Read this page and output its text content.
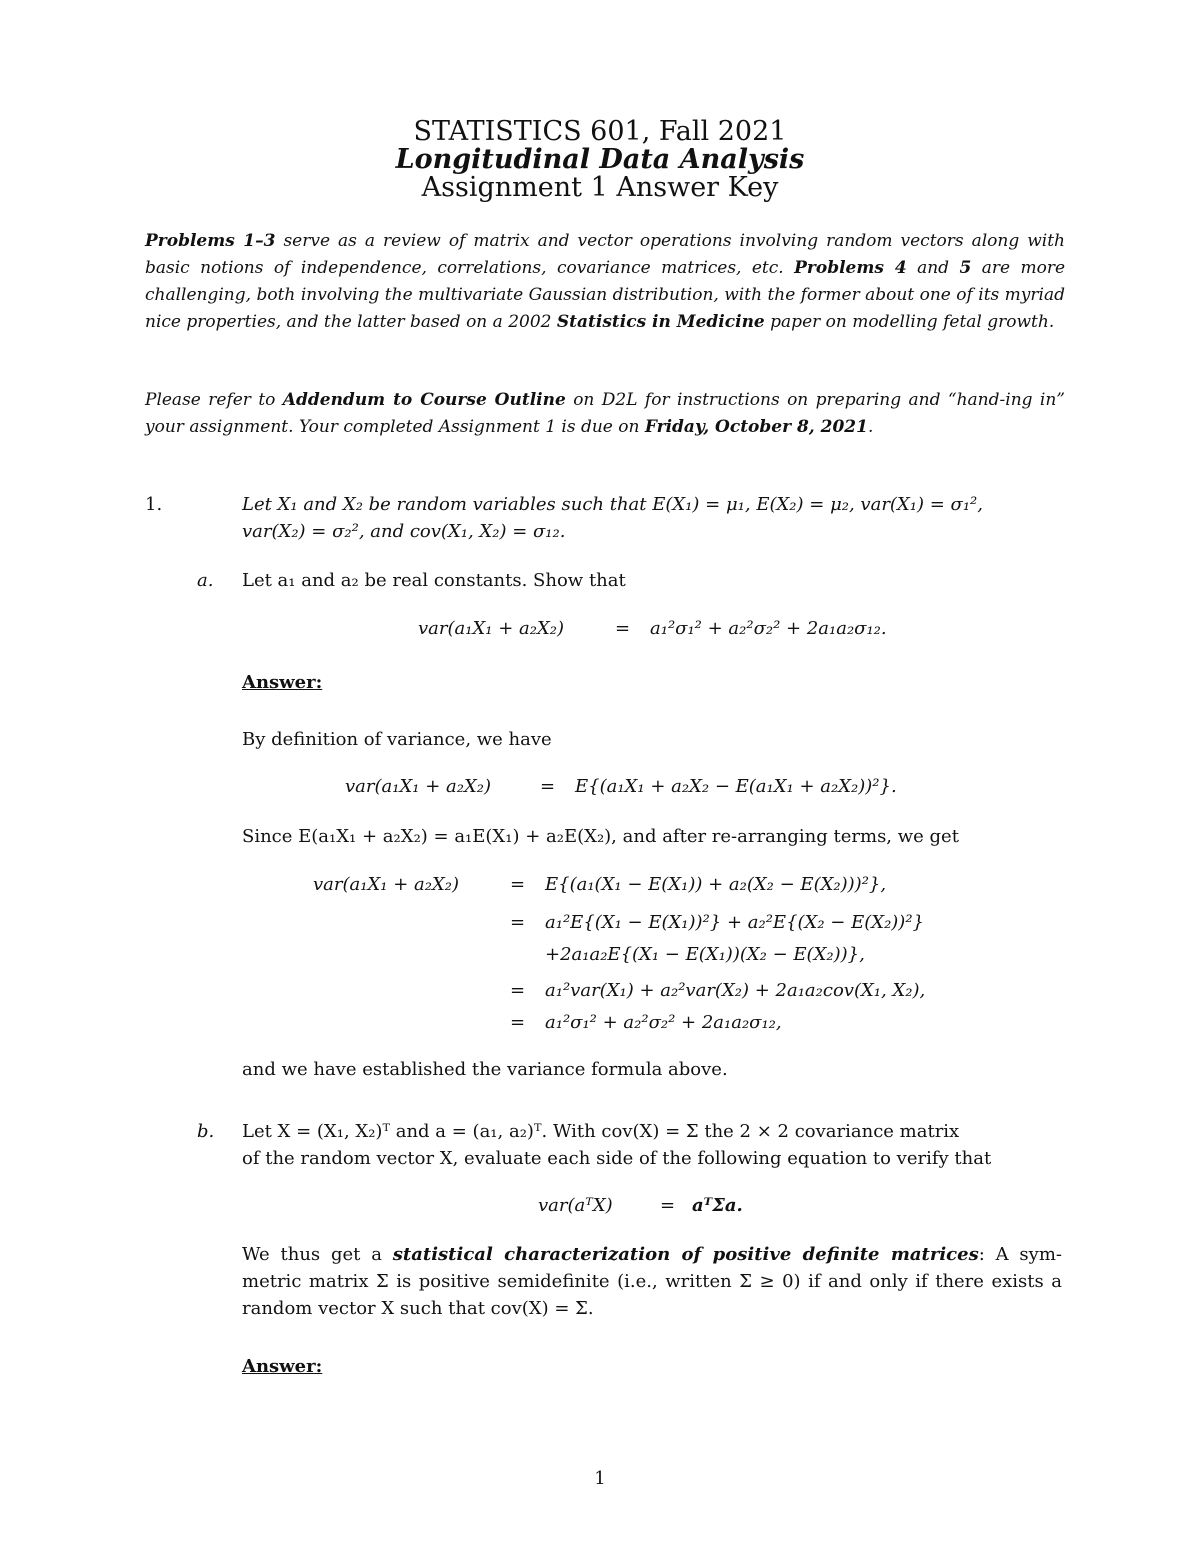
STATISTICS 601, Fall 2021
Longitudinal Data Analysis
Assignment 1 Answer Key
Problems 1–3 serve as a review of matrix and vector operations involving random vectors along with basic notions of independence, correlations, covariance matrices, etc. Problems 4 and 5 are more challenging, both involving the multivariate Gaussian distribution, with the former about one of its myriad nice properties, and the latter based on a 2002 Statistics in Medicine paper on modelling fetal growth.
Please refer to Addendum to Course Outline on D2L for instructions on preparing and “hand-ing in” your assignment. Your completed Assignment 1 is due on Friday, October 8, 2021.
1.	Let X₁ and X₂ be random variables such that E(X₁) = μ₁, E(X₂) = μ₂, var(X₁) = σ₁²,
var(X₂) = σ₂², and cov(X₁, X₂) = σ₁₂.
a. Let a₁ and a₂ be real constants. Show that
var(a₁X₁ + a₂X₂)	= a₁²σ₁² + a₂²σ₂² + 2a₁a₂σ₁₂.
Answer:
By definition of variance, we have
var(a₁X₁ + a₂X₂)	= E{(a₁X₁ + a₂X₂ − E(a₁X₁ + a₂X₂))²}.
Since E(a₁X₁ + a₂X₂) = a₁E(X₁) + a₂E(X₂), and after re-arranging terms, we get
var(a₁X₁ + a₂X₂)	= E{(a₁(X₁ − E(X₁)) + a₂(X₂ − E(X₂)))²},
= a₁²E{(X₁ − E(X₁))²} + a₂²E{(X₂ − E(X₂))²}
+2a₁a₂E{(X₁ − E(X₁))(X₂ − E(X₂))},
= a₁²var(X₁) + a₂²var(X₂) + 2a₁a₂cov(X₁, X₂),
= a₁²σ₁² + a₂²σ₂² + 2a₁a₂σ₁₂,
and we have established the variance formula above.
b. Let X = (X₁, X₂)ᵀ and a = (a₁, a₂)ᵀ. With cov(X) = Σ the 2 × 2 covariance matrix
of the random vector X, evaluate each side of the following equation to verify that
var(aᵀX)	= aᵀΣa.
We thus get a statistical characterization of positive definite matrices: A sym-metric matrix Σ is positive semidefinite (i.e., written Σ ≥ 0) if and only if there exists a random vector X such that cov(X) = Σ.
Answer:
1
